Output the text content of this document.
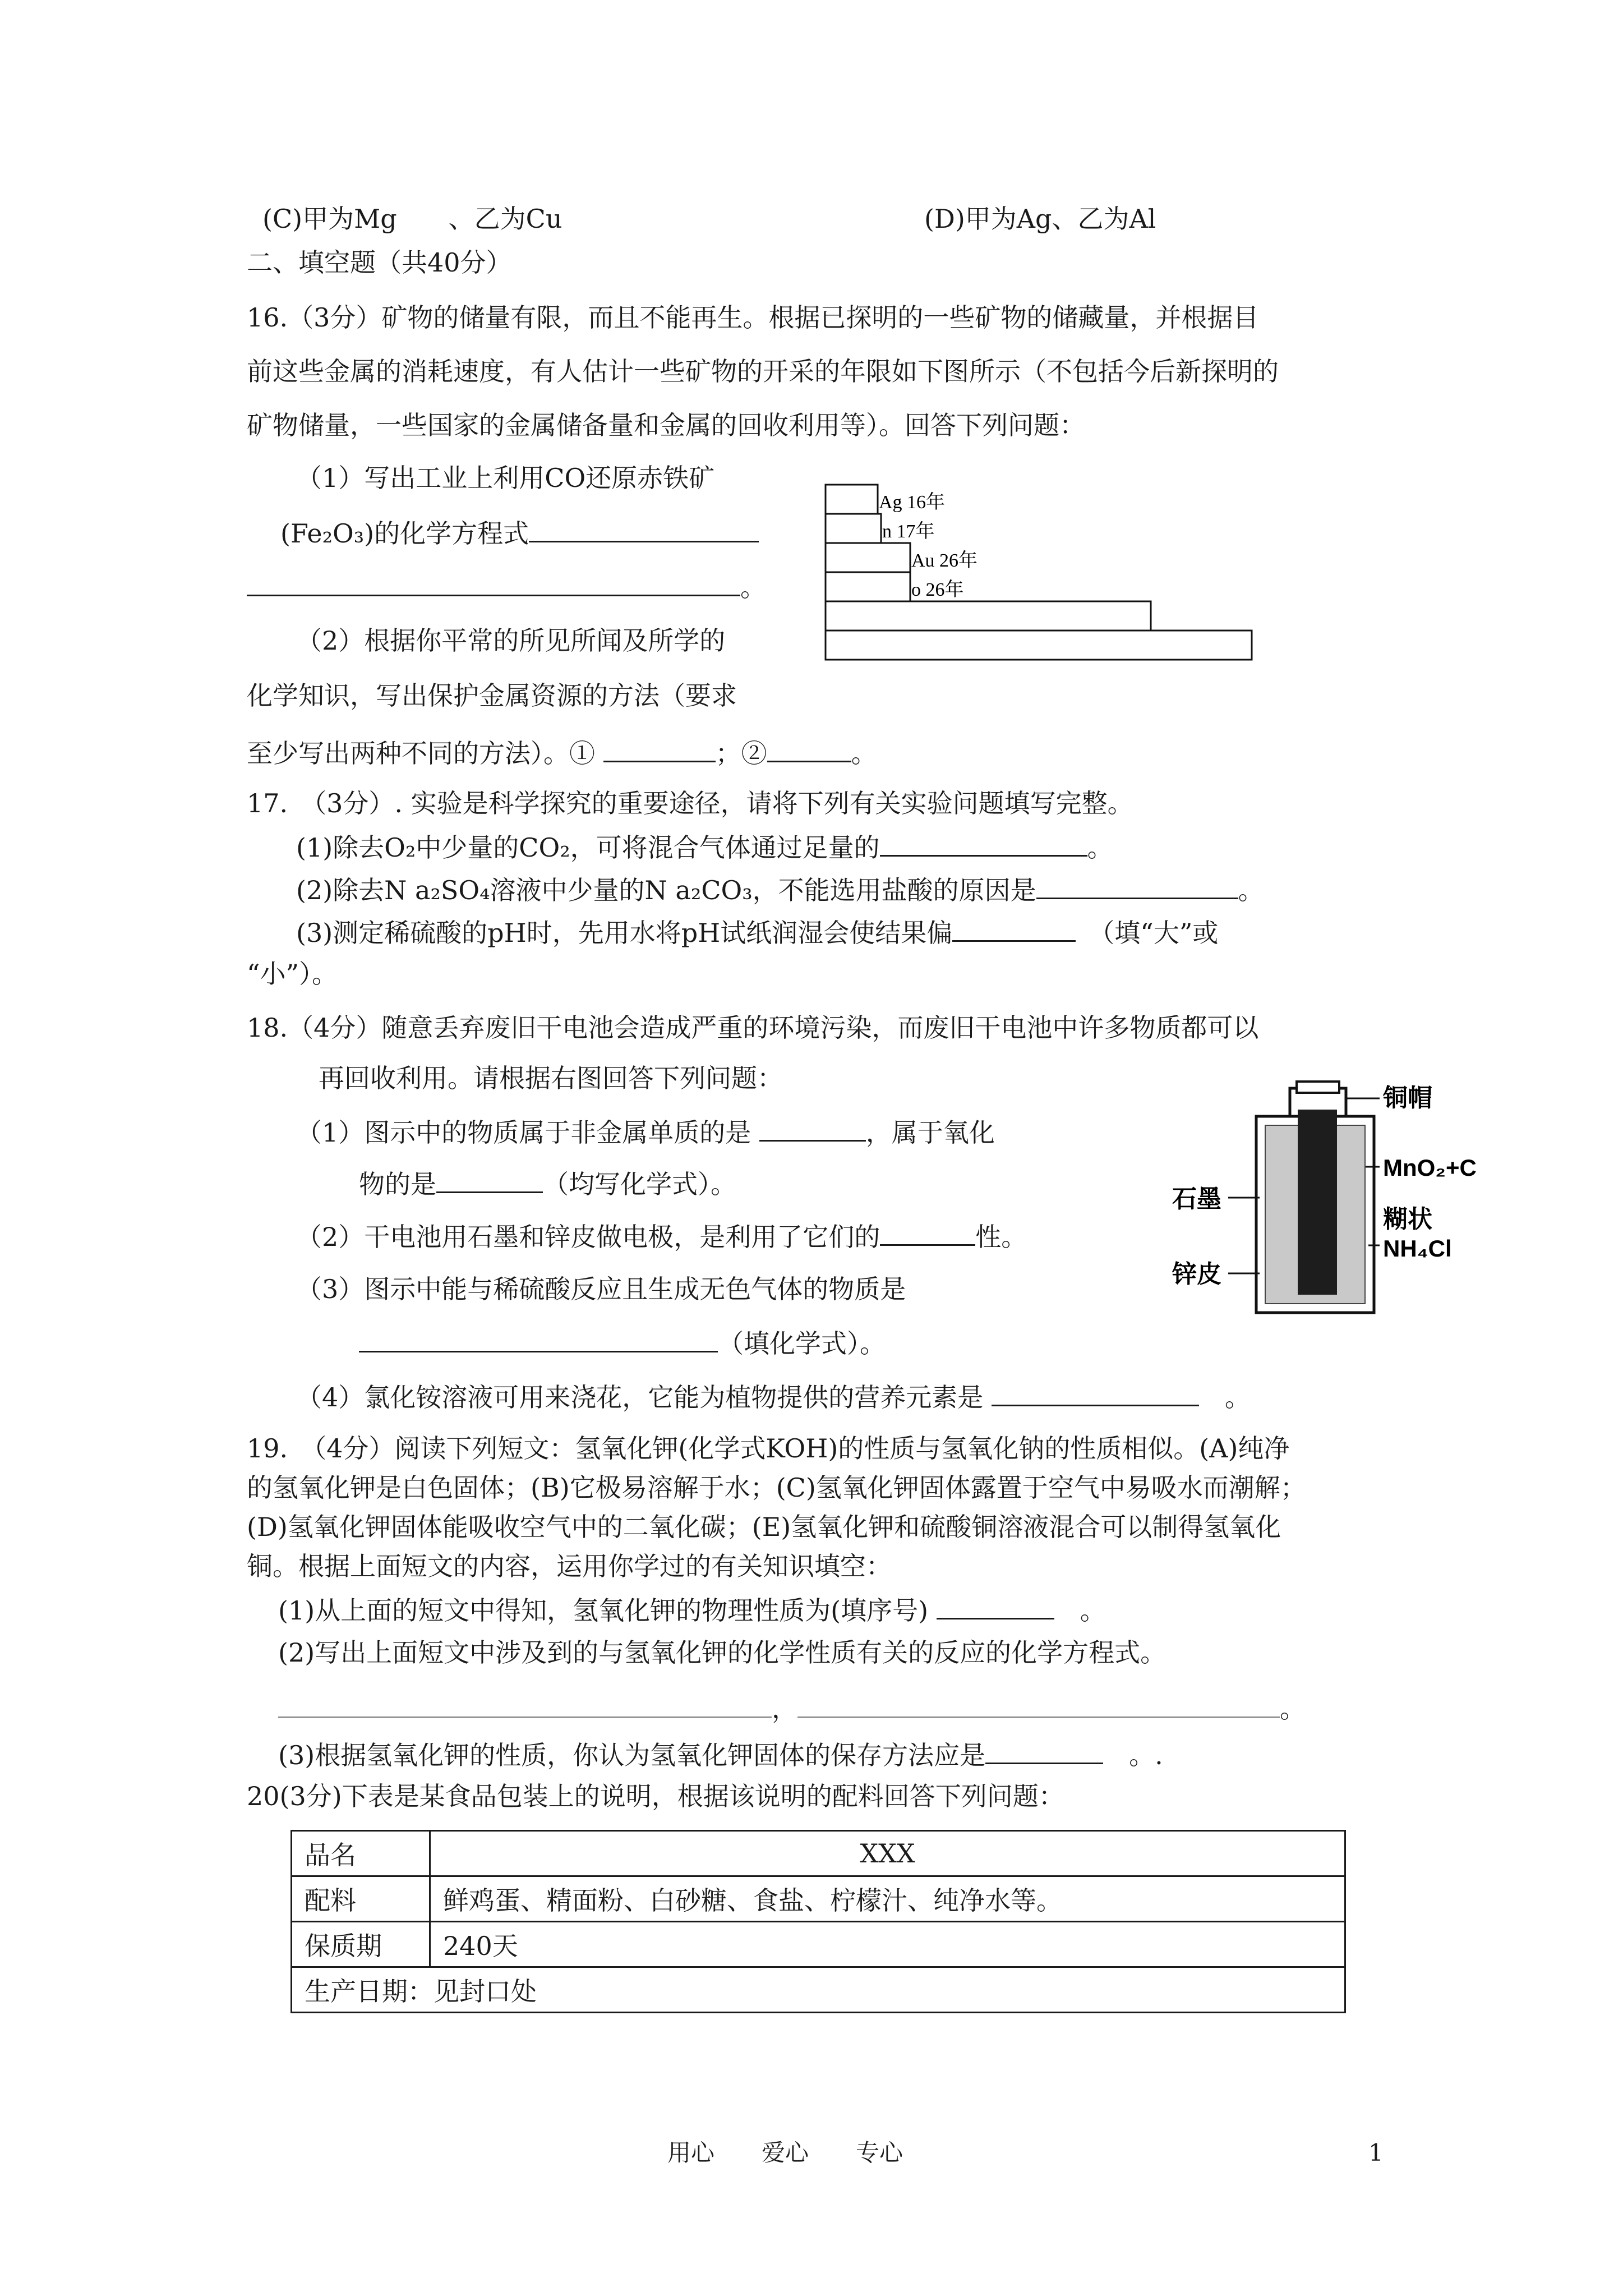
(C)甲为Mg　　、乙为Cu	(D)甲为Ag、乙为Al
二、填空题（共40分）
16.（3分）矿物的储量有限，而且不能再生。根据已探明的一些矿物的储藏量，并根据目
前这些金属的消耗速度，有人估计一些矿物的开采的年限如下图所示（不包括今后新探明的
矿物储量，一些国家的金属储备量和金属的回收利用等）。回答下列问题：
（1）写出工业上利用CO还原赤铁矿
(Fe₂O₃)的化学方程式
。
（2）根据你平常的所见所闻及所学的
化学知识，写出保护金属资源的方法（要求
至少写出两种不同的方法）。①	；②	。
Ag 16年
n 17年
Au 26年
o 26年
17.　（3分）. 实验是科学探究的重要途径，请将下列有关实验问题填写完整。
(1)除去O₂中少量的CO₂，可将混合气体通过足量的	。
(2)除去N a₂SO₄溶液中少量的N a₂CO₃，不能选用盐酸的原因是	。
(3)测定稀硫酸的pH时，先用水将pH试纸润湿会使结果偏　	（填“大”或
“小”）。
18.（4分）随意丢弃废旧干电池会造成严重的环境污染，而废旧干电池中许多物质都可以
再回收利用。请根据右图回答下列问题：
（1）图示中的物质属于非金属单质的是	，属于氧化
物的是	（均写化学式）。
（2）干电池用石墨和锌皮做电极，是利用了它们的	性。
（3）图示中能与稀硫酸反应且生成无色气体的物质是
（填化学式）。
（4）氯化铵溶液可用来浇花，它能为植物提供的营养元素是 　	。
铜帽
MnO₂+C
糊状
NH₄Cl
石墨
锌皮
19.　（4分）阅读下列短文：氢氧化钾(化学式KOH)的性质与氢氧化钠的性质相似。(A)纯净
的氢氧化钾是白色固体；(B)它极易溶解于水；(C)氢氧化钾固体露置于空气中易吸水而潮解；
(D)氢氧化钾固体能吸收空气中的二氧化碳；(E)氢氧化钾和硫酸铜溶液混合可以制得氢氧化
铜。根据上面短文的内容，运用你学过的有关知识填空：
(1)从上面的短文中得知，氢氧化钾的物理性质为(填序号) 　	。
(2)写出上面短文中涉及到的与氢氧化钾的化学性质有关的反应的化学方程式。
，	。
(3)根据氢氧化钾的性质，你认为氢氧化钾固体的保存方法应是　	。.
20(3分)下表是某食品包装上的说明，根据该说明的配料回答下列问题：
品名	XXX
配料	鲜鸡蛋、精面粉、白砂糖、食盐、柠檬汁、纯净水等。
保质期	240天
生产日期：见封口处	
用心　　爱心　　专心	1
